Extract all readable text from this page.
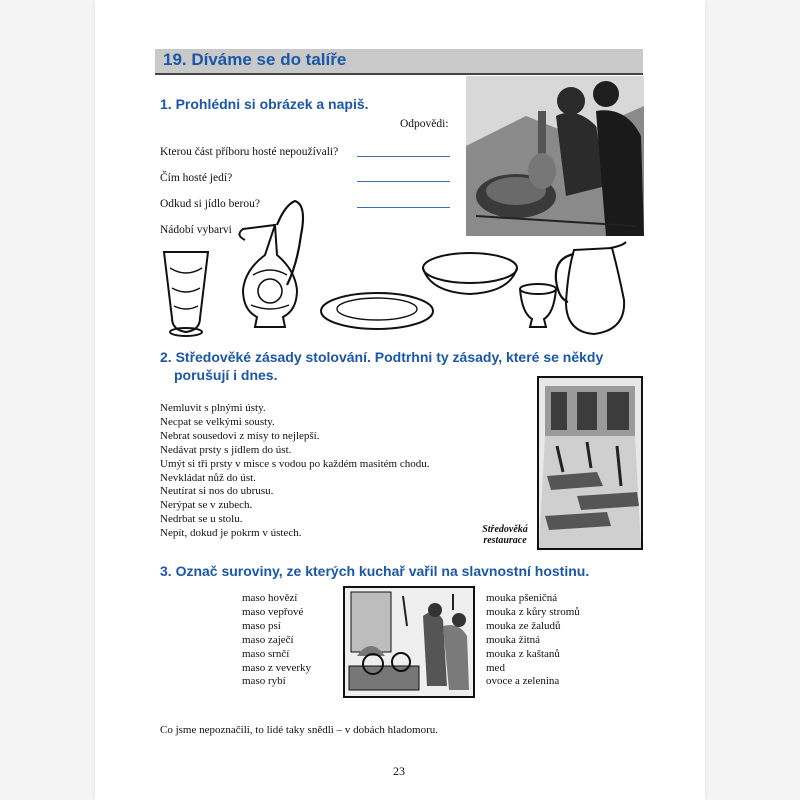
19. Díváme se do talíře
1. Prohlédni si obrázek a napiš.
Odpovědi:
Kterou část příboru hosté nepoužívali?
Čím hosté jedí?
Odkud si jídlo berou?
Nádobí vybarvi
2. Středověké zásady stolování. Podtrhni ty zásady, které se někdy
porušují i dnes.
Nemluvit s plnými ústy.
Necpat se velkými sousty.
Nebrat sousedovi z mísy to nejlepší.
Nedávat prsty s jídlem do úst.
Umýt si tři prsty v misce s vodou po každém masitém chodu.
Nevkládat nůž do úst.
Neutírat si nos do ubrusu.
Nerýpat se v zubech.
Nedrbat se u stolu.
Nepít, dokud je pokrm v ústech.	Středověká
restaurace
3. Označ suroviny, ze kterých kuchař vařil na slavnostní hostinu.
maso hovězí
maso vepřové
maso psí
maso zaječí
maso srnčí
maso z veverky
maso rybí
mouka pšeničná
mouka z kůry stromů
mouka ze žaludů
mouka žitná
mouka z kaštanů
med
ovoce a zelenina
Co jsme nepoznačili, to lidé taky snědli – v dobách hladomoru.
23
